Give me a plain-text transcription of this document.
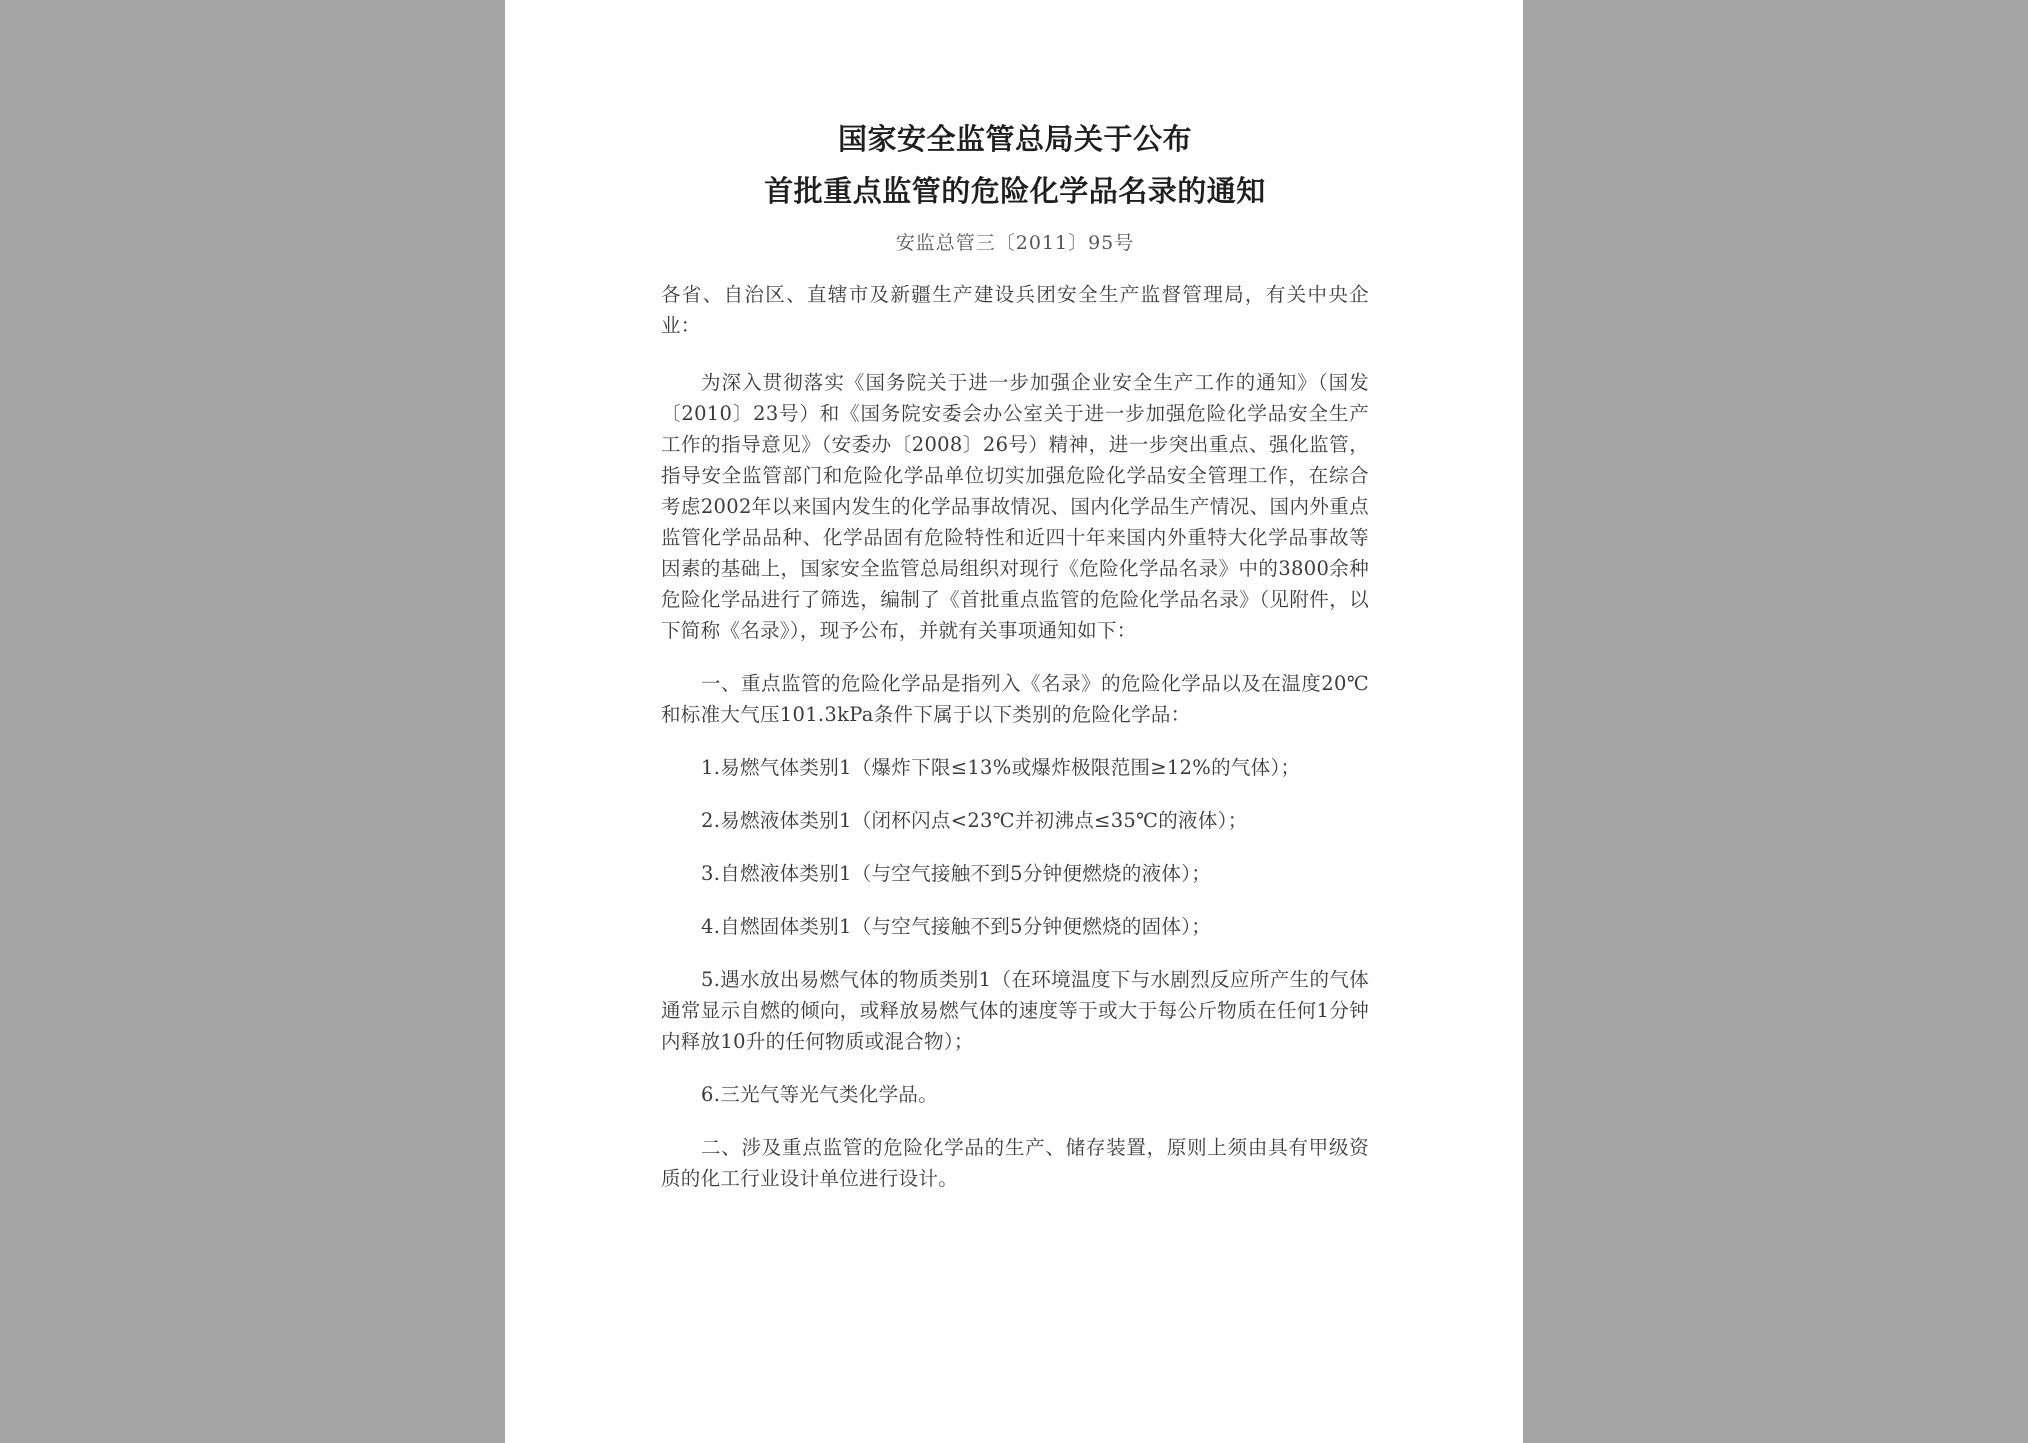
国家安全监管总局关于公布
首批重点监管的危险化学品名录的通知
安监总管三〔2011〕95号

各省、自治区、直辖市及新疆生产建设兵团安全生产监督管理局，有关中央企业：

为深入贯彻落实《国务院关于进一步加强企业安全生产工作的通知》（国发〔2010〕23号）和《国务院安委会办公室关于进一步加强危险化学品安全生产工作的指导意见》（安委办〔2008〕26号）精神，进一步突出重点、强化监管，指导安全监管部门和危险化学品单位切实加强危险化学品安全管理工作，在综合考虑2002年以来国内发生的化学品事故情况、国内化学品生产情况、国内外重点监管化学品品种、化学品固有危险特性和近四十年来国内外重特大化学品事故等因素的基础上，国家安全监管总局组织对现行《危险化学品名录》中的3800余种危险化学品进行了筛选，编制了《首批重点监管的危险化学品名录》（见附件，以下简称《名录》），现予公布，并就有关事项通知如下：

一、重点监管的危险化学品是指列入《名录》的危险化学品以及在温度20℃和标准大气压101.3kPa条件下属于以下类别的危险化学品：

1.易燃气体类别1（爆炸下限≤13%或爆炸极限范围≥12%的气体）；

2.易燃液体类别1（闭杯闪点<23℃并初沸点≤35℃的液体）；

3.自燃液体类别1（与空气接触不到5分钟便燃烧的液体）；

4.自燃固体类别1（与空气接触不到5分钟便燃烧的固体）；

5.遇水放出易燃气体的物质类别1（在环境温度下与水剧烈反应所产生的气体通常显示自燃的倾向，或释放易燃气体的速度等于或大于每公斤物质在任何1分钟内释放10升的任何物质或混合物）；

6.三光气等光气类化学品。

二、涉及重点监管的危险化学品的生产、储存装置，原则上须由具有甲级资质的化工行业设计单位进行设计。
